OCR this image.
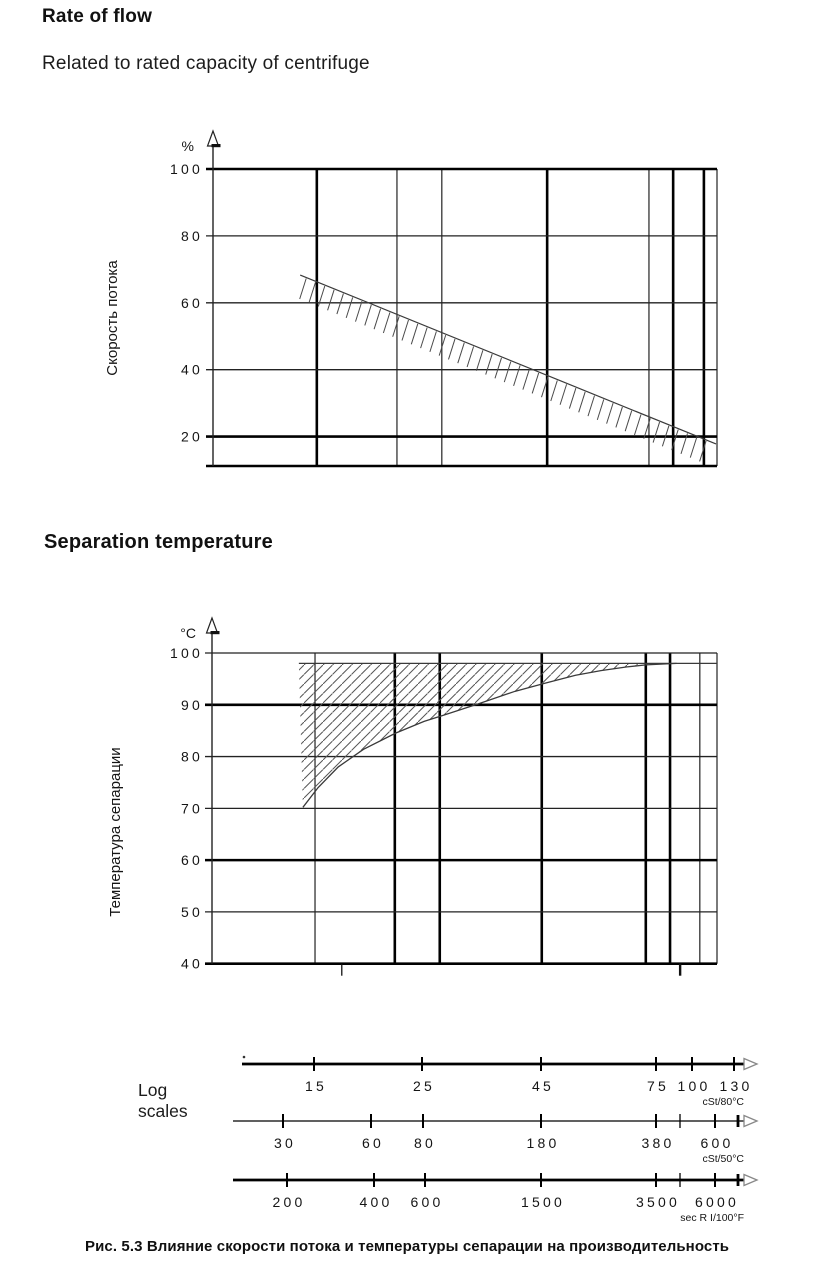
Rate of flow
Related to rated capacity of centrifuge
Separation temperature
Log scales
Рис. 5.3 Влияние скорости потока и температуры сепарации на производительность
100
80
60
40
20
%
Скорость потока
100
90
80
70
60
50
40
°C
Температура сепарации
15	25	45	75 100 130
cSt/80°C
30	60 80	180	380 600
cSt/50°C
200	400 600	1500	3500 6000
sec R I/100°F
